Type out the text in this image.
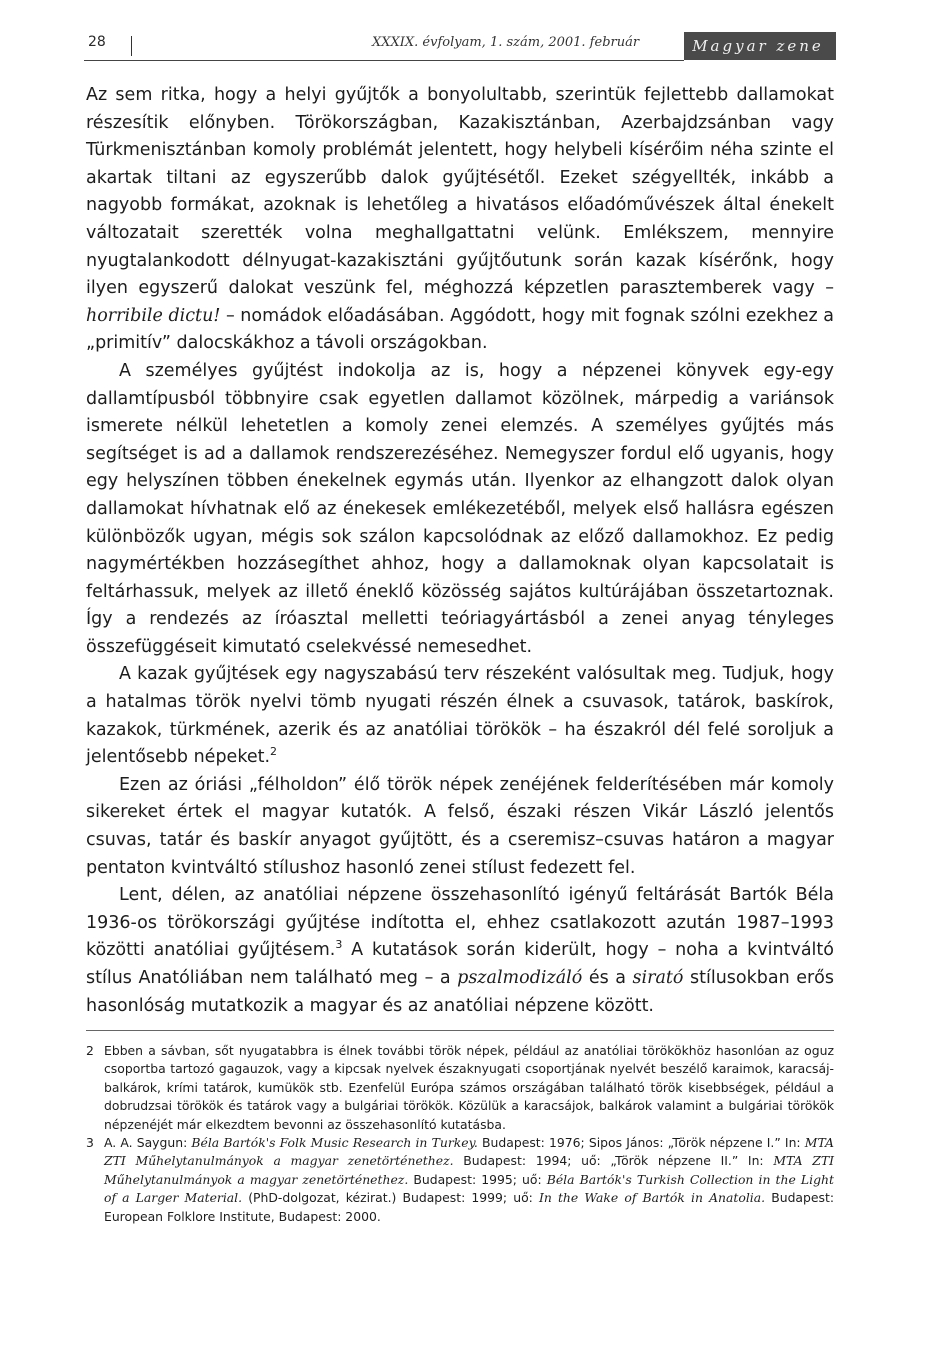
28	XXXIX. évfolyam, 1. szám, 2001. február	Magyar zene

Az sem ritka, hogy a helyi gyűjtők a bonyolultabb, szerintük fejlettebb dallamokat részesítik előnyben. Törökországban, Kazakisztánban, Azerbajdzsánban vagy Türkmenisztánban komoly problémát jelentett, hogy helybeli kísérőim néha szinte el akartak tiltani az egyszerűbb dalok gyűjtésétől. Ezeket szégyellték, inkább a nagyobb formákat, azoknak is lehetőleg a hivatásos előadóművészek által énekelt változatait szerették volna meghallgattatni velünk. Emlékszem, mennyire nyugtalankodott délnyugat-kazakisztáni gyűjtőutunk során kazak kísérőnk, hogy ilyen egyszerű dalokat veszünk fel, méghozzá képzetlen parasztemberek vagy – horribile dictu! – nomádok előadásában. Aggódott, hogy mit fognak szólni ezekhez a „primitív” dalocskákhoz a távoli országokban.

A személyes gyűjtést indokolja az is, hogy a népzenei könyvek egy-egy dallamtípusból többnyire csak egyetlen dallamot közölnek, márpedig a variánsok ismerete nélkül lehetetlen a komoly zenei elemzés. A személyes gyűjtés más segítséget is ad a dallamok rendszerezéséhez. Nemegyszer fordul elő ugyanis, hogy egy helyszínen többen énekelnek egymás után. Ilyenkor az elhangzott dalok olyan dallamokat hívhatnak elő az énekesek emlékezetéből, melyek első hallásra egészen különbözők ugyan, mégis sok szálon kapcsolódnak az előző dallamokhoz. Ez pedig nagymértékben hozzásegíthet ahhoz, hogy a dallamoknak olyan kapcsolatait is feltárhassuk, melyek az illető éneklő közösség sajátos kultúrájában összetartoznak. Így a rendezés az íróasztal melletti teóriagyártásból a zenei anyag tényleges összefüggéseit kimutató cselekvéssé nemesedhet.

A kazak gyűjtések egy nagyszabású terv részeként valósultak meg. Tudjuk, hogy a hatalmas török nyelvi tömb nyugati részén élnek a csuvasok, tatárok, baskírok, kazakok, türkmének, azerik és az anatóliai törökök – ha északról dél felé soroljuk a jelentősebb népeket.$^2$

Ezen az óriási „félholdon” élő török népek zenéjének felderítésében már komoly sikereket értek el magyar kutatók. A felső, északi részen Vikár László jelentős csuvas, tatár és baskír anyagot gyűjtött, és a cseremisz–csuvas határon a magyar pentaton kvintváltó stílushoz hasonló zenei stílust fedezett fel.

Lent, délen, az anatóliai népzene összehasonlító igényű feltárását Bartók Béla 1936-os törökországi gyűjtése indította el, ehhez csatlakozott azután 1987–1993 közötti anatóliai gyűjtésem.$^3$ A kutatások során kiderült, hogy – noha a kvintváltó stílus Anatóliában nem található meg – a pszalmodizáló és a sirató stílusokban erős hasonlóság mutatkozik a magyar és az anatóliai népzene között.

2 Ebben a sávban, sőt nyugatabbra is élnek további török népek, például az anatóliai törökökhöz hasonlóan az oguz csoportba tartozó gagauzok, vagy a kipcsak nyelvek északnyugati csoportjának nyelvét beszélő karaimok, karacsáj-balkárok, krími tatárok, kumükök stb. Ezenfelül Európa számos országában található török kisebbségek, például a dobrudzsai törökök és tatárok vagy a bulgáriai törökök. Közülük a karacsájok, balkárok valamint a bulgáriai törökök népzenéjét már elkezdtem bevonni az összehasonlító kutatásba.

3 A. A. Saygun: Béla Bartók's Folk Music Research in Turkey. Budapest: 1976; Sipos János: „Török népzene I.” In: MTA ZTI Műhelytanulmányok a magyar zenetörténethez. Budapest: 1994; uő: „Török népzene II.” In: MTA ZTI Műhelytanulmányok a magyar zenetörténethez. Budapest: 1995; uő: Béla Bartók's Turkish Collection in the Light of a Larger Material. (PhD-dolgozat, kézirat.) Budapest: 1999; uő: In the Wake of Bartók in Anatolia. Budapest: European Folklore Institute, Budapest: 2000.
